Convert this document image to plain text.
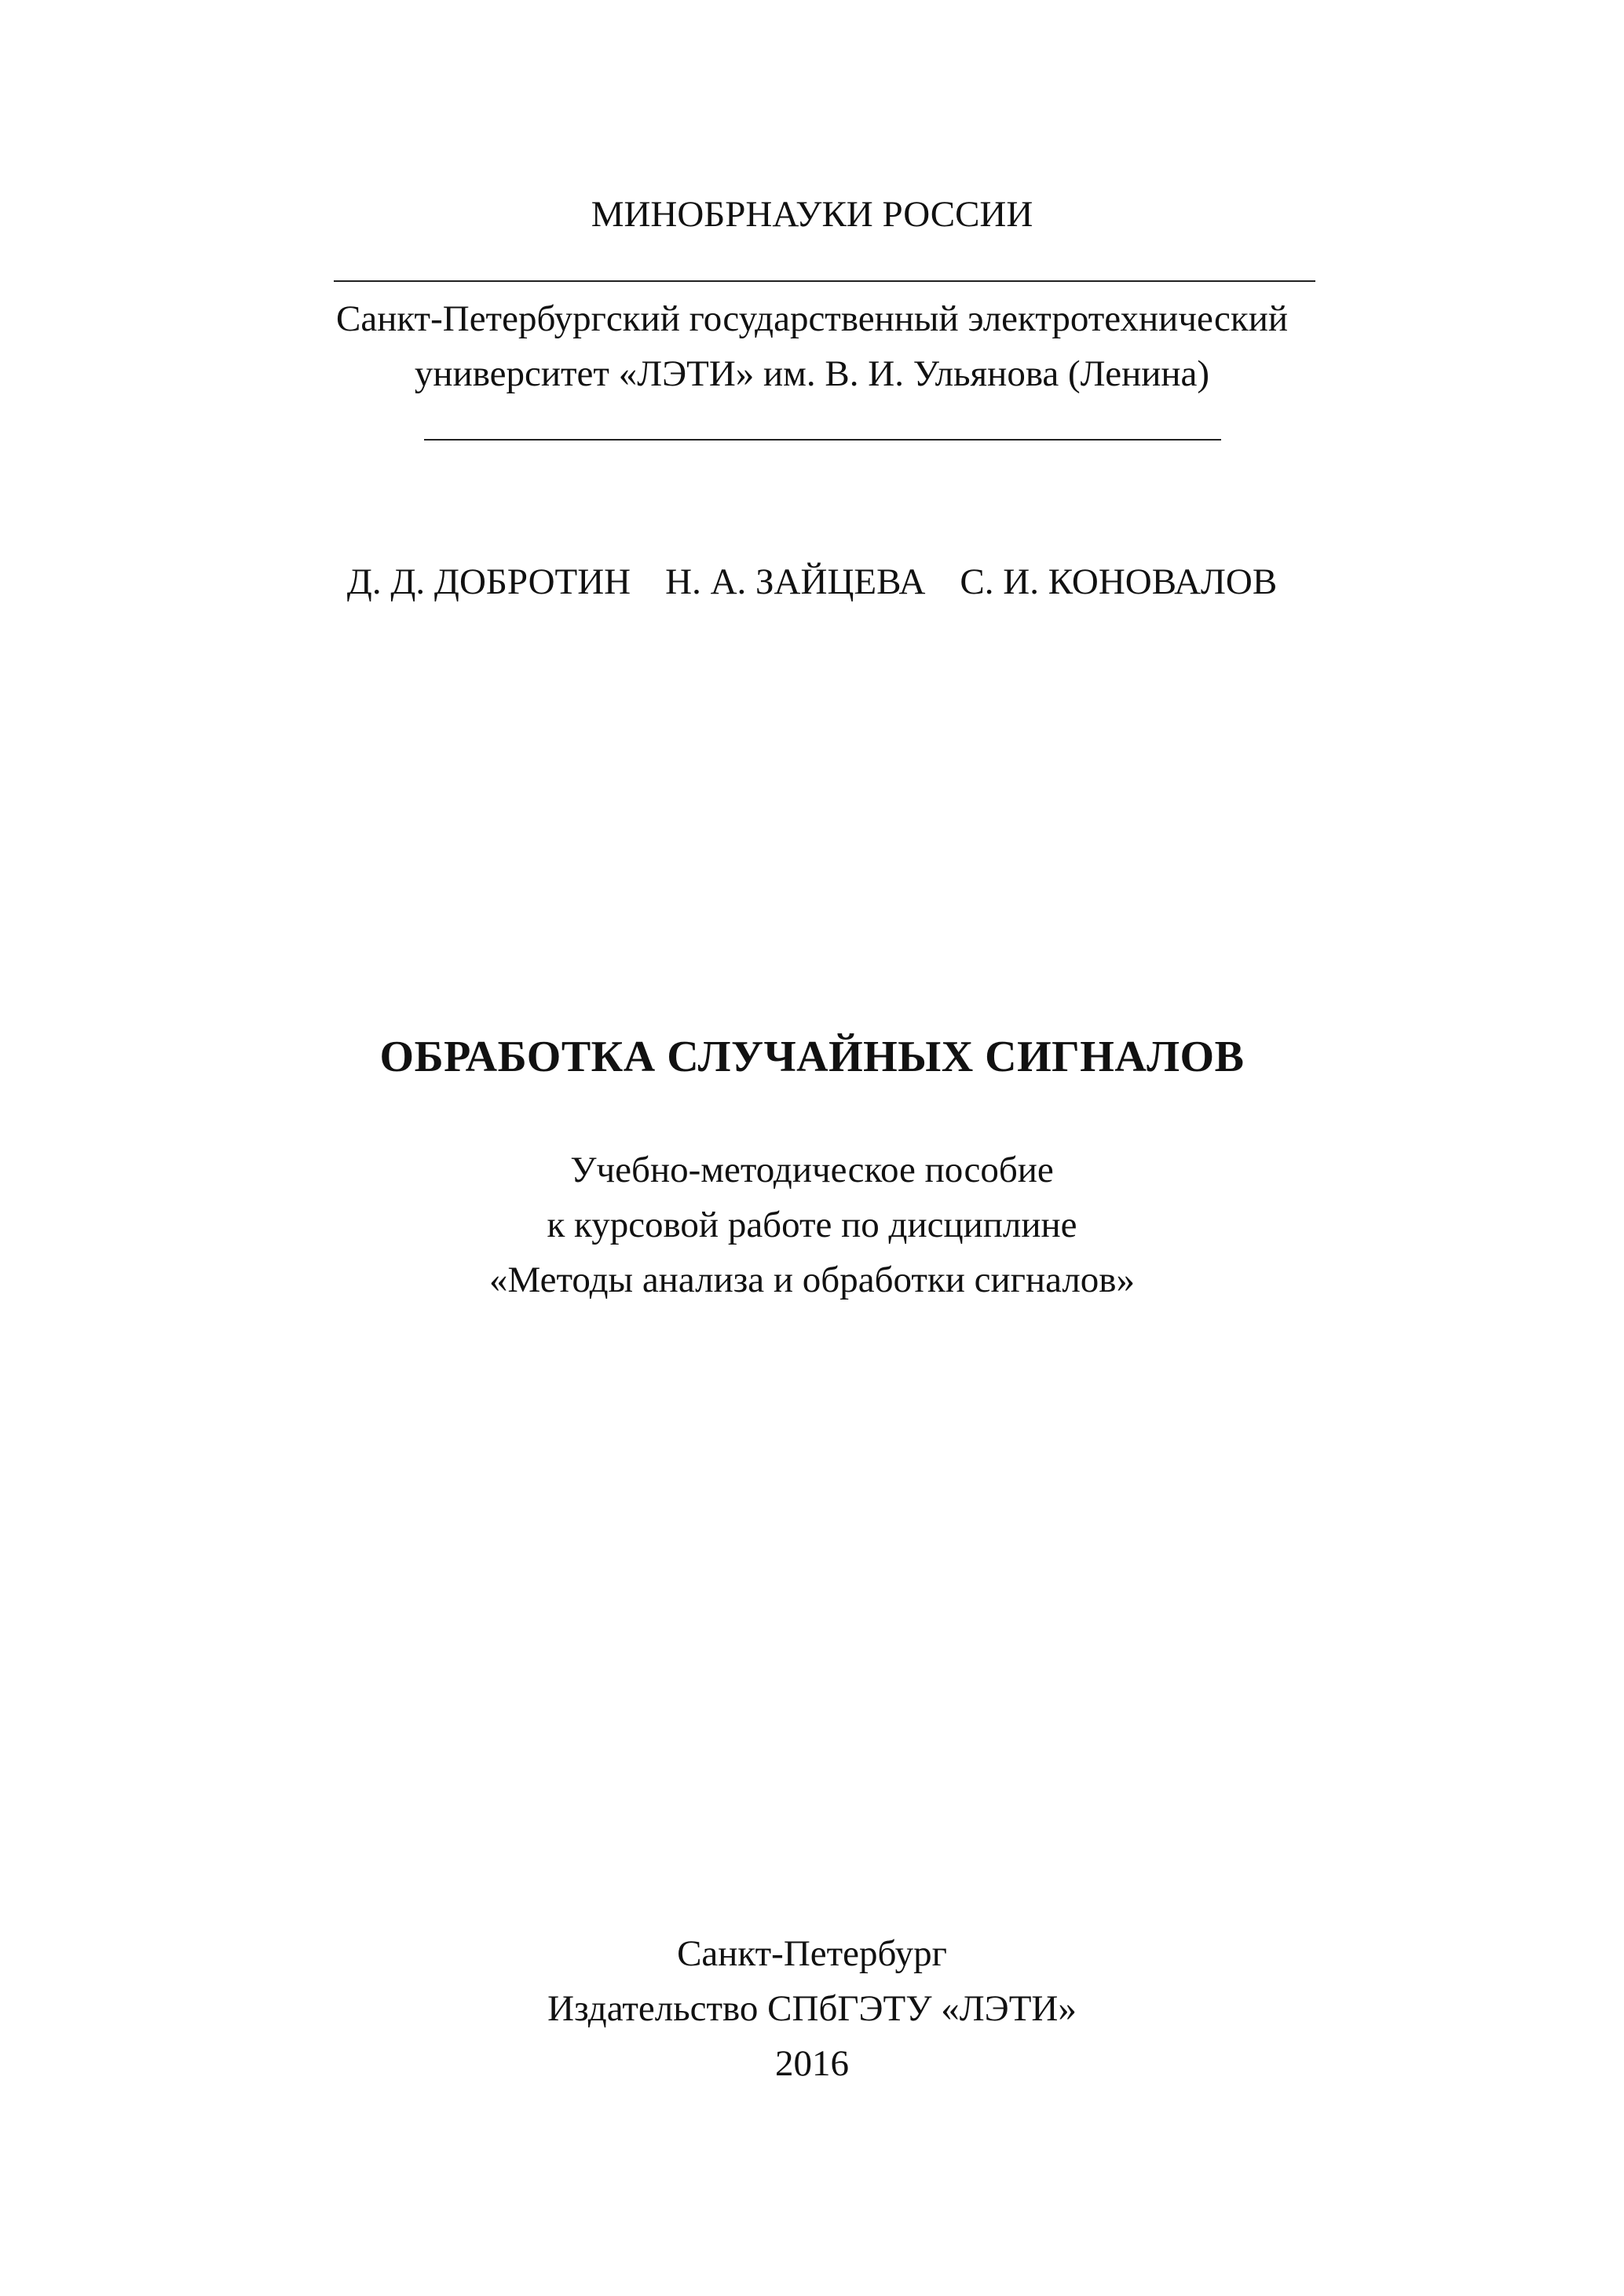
МИНОБРНАУКИ РОССИИ
Санкт-Петербургский государственный электротехнический
университет «ЛЭТИ» им. В. И. Ульянова (Ленина)
Д. Д. ДОБРОТИН Н. А. ЗАЙЦЕВА С. И. КОНОВАЛОВ
ОБРАБОТКА СЛУЧАЙНЫХ СИГНАЛОВ
Учебно-методическое пособие
к курсовой работе по дисциплине
«Методы анализа и обработки сигналов»
Санкт-Петербург
Издательство СПбГЭТУ «ЛЭТИ»
2016
